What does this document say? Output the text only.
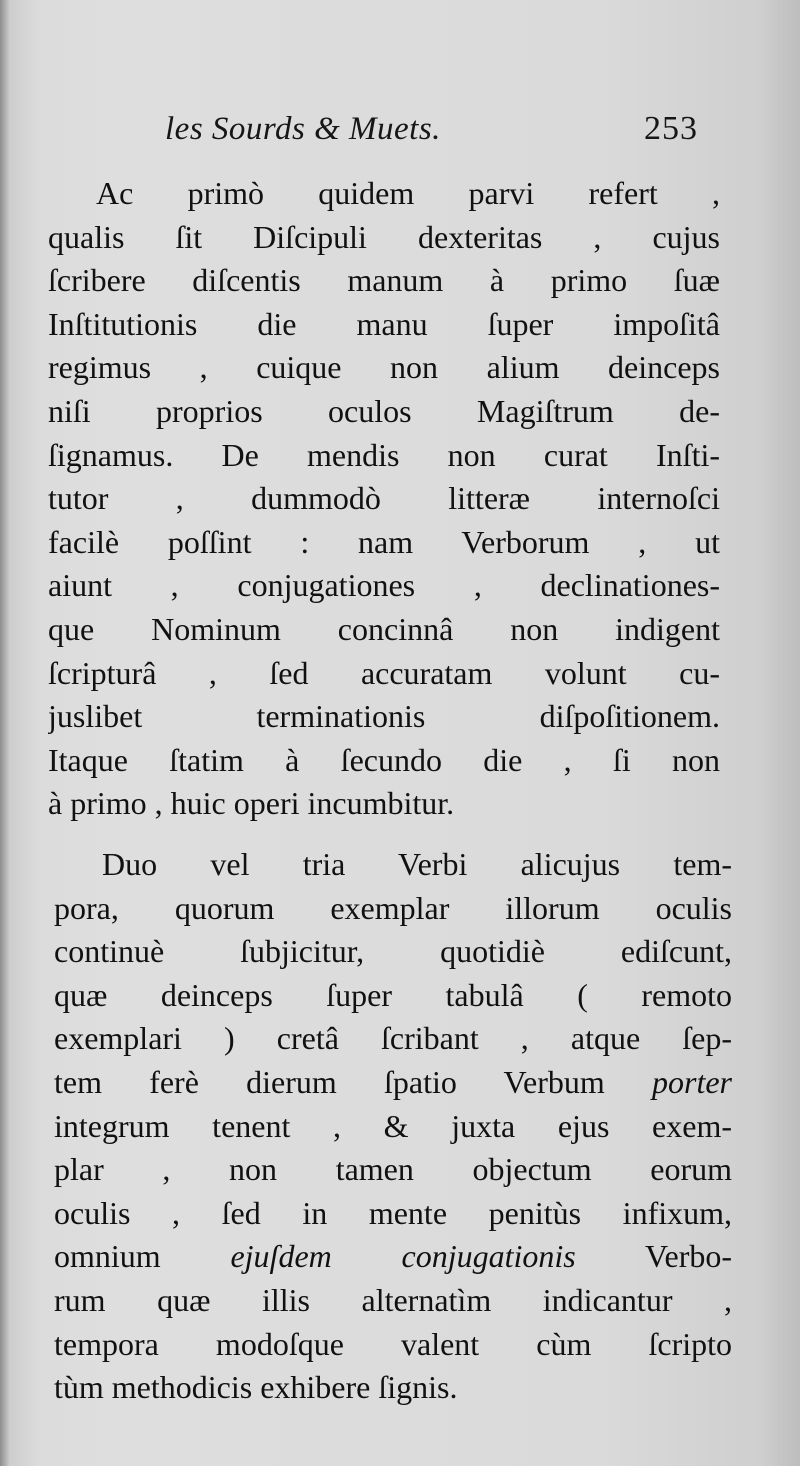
les Sourds & Muets.	253
Ac primò quidem parvi refert ,
qualis ſit Diſcipuli dexteritas , cujus
ſcribere diſcentis manum à primo ſuæ
Inſtitutionis die manu ſuper impoſitâ
regimus , cuique non alium deinceps
niſi proprios oculos Magiſtrum de-
ſignamus. De mendis non curat Inſti-
tutor , dummodò litteræ internoſci
facilè poſſint : nam Verborum , ut
aiunt , conjugationes , declinationes-
que Nominum concinnâ non indigent
ſcripturâ , ſed accuratam volunt cu-
juslibet terminationis diſpoſitionem.
Itaque ſtatim à ſecundo die , ſi non
à primo , huic operi incumbitur.
Duo vel tria Verbi alicujus tem-
pora, quorum exemplar illorum oculis
continuè ſubjicitur, quotidiè ediſcunt,
quæ deinceps ſuper tabulâ ( remoto
exemplari ) cretâ ſcribant , atque ſep-
tem ferè dierum ſpatio Verbum porter
integrum tenent , & juxta ejus exem-
plar , non tamen objectum eorum
oculis , ſed in mente penitùs infixum,
omnium ejuſdem conjugationis Verbo-
rum quæ illis alternatìm indicantur ,
tempora modoſque valent cùm ſcripto
tùm methodicis exhibere ſignis.
